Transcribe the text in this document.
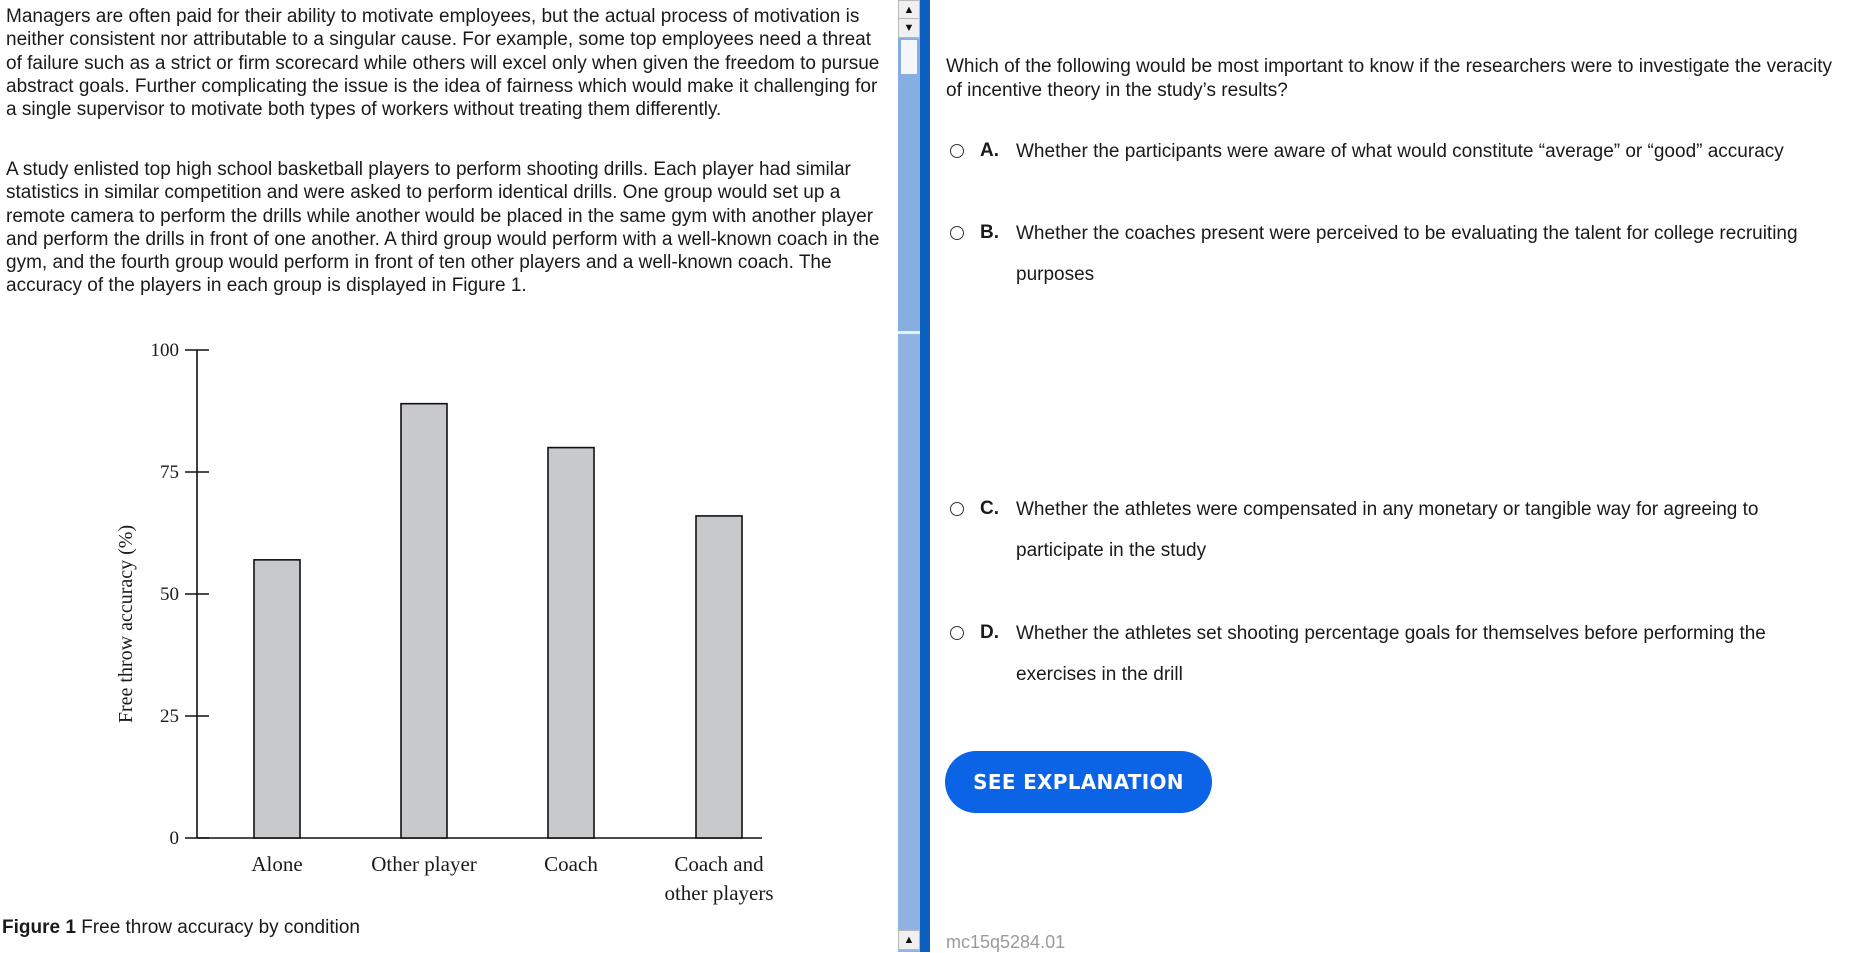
Managers are often paid for their ability to motivate employees, but the actual process of motivation is neither consistent nor attributable to a singular cause. For example, some top employees need a threat of failure such as a strict or firm scorecard while others will excel only when given the freedom to pursue abstract goals. Further complicating the issue is the idea of fairness which would make it challenging for a single supervisor to motivate both types of workers without treating them differently.

A study enlisted top high school basketball players to perform shooting drills. Each player had similar statistics in similar competition and were asked to perform identical drills. One group would set up a remote camera to perform the drills while another would be placed in the same gym with another player and perform the drills in front of one another. A third group would perform with a well-known coach in the gym, and the fourth group would perform in front of ten other players and a well-known coach. The accuracy of the players in each group is displayed in Figure 1.

0
25
50
75
100
Free throw accuracy (%)
Alone	Other player	Coach	Coach and
other players
Figure 1 Free throw accuracy by condition
▲
▼
▲
Which of the following would be most important to know if the researchers were to investigate the veracity of incentive theory in the study’s results?
A. Whether the participants were aware of what would constitute “average” or “good” accuracy
B. Whether the coaches present were perceived to be evaluating the talent for college recruiting purposes
C. Whether the athletes were compensated in any monetary or tangible way for agreeing to participate in the study
D. Whether the athletes set shooting percentage goals for themselves before performing the exercises in the drill
SEE EXPLANATION
mc15q5284.01
